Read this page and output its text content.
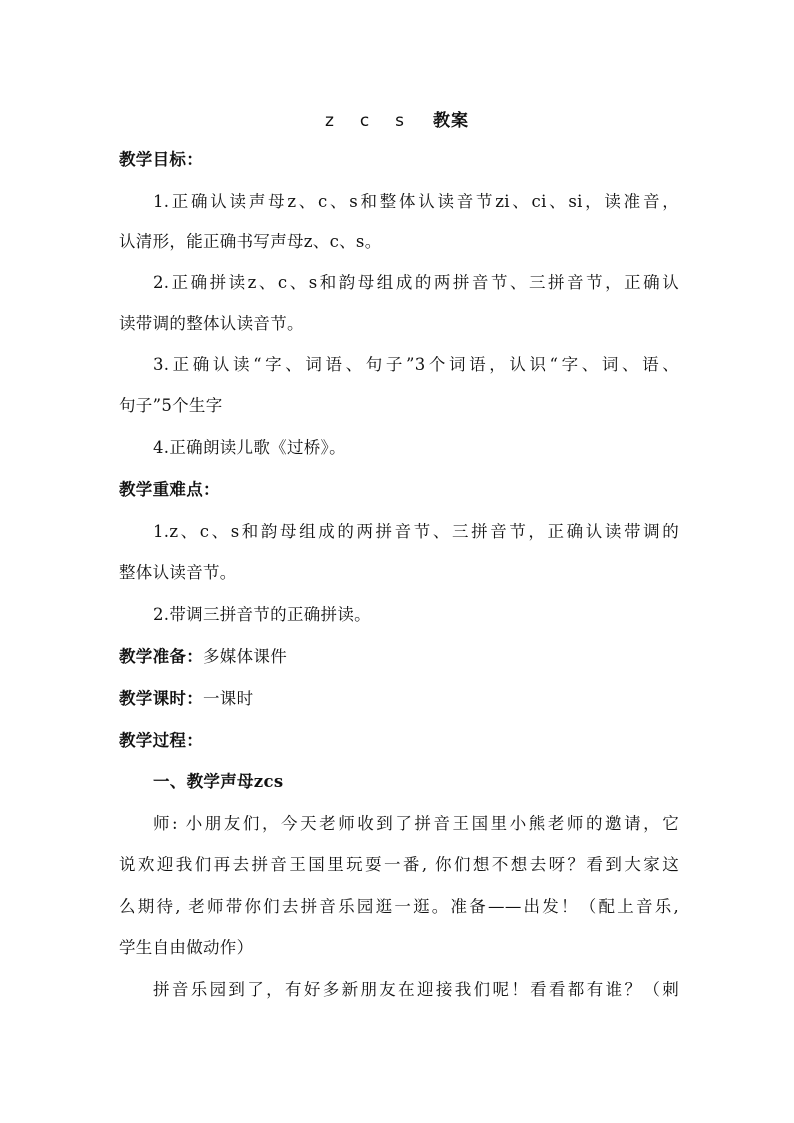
z c s 教案
教学目标：
1.正确认读声母z、c、s和整体认读音节zi、ci、si，读准音，
认清形，能正确书写声母z、c、s。
2.正确拼读z、c、s和韵母组成的两拼音节、三拼音节，正确认
读带调的整体认读音节。
3.正确认读“字、词语、句子”3个词语，认识“字、词、语、
句子”5个生字
4.正确朗读儿歌《过桥》。
教学重难点：
1.z、c、s和韵母组成的两拼音节、三拼音节，正确认读带调的
整体认读音节。
2.带调三拼音节的正确拼读。
教学准备：多媒体课件
教学课时：一课时
教学过程：
一、教学声母zcs
师: 小朋友们，今天老师收到了拼音王国里小熊老师的邀请，它
说欢迎我们再去拼音王国里玩耍一番, 你们想不想去呀？看到大家这
么期待, 老师带你们去拼音乐园逛一逛。准备——出发！（配上音乐,
学生自由做动作）
拼音乐园到了，有好多新朋友在迎接我们呢！看看都有谁？（刺
